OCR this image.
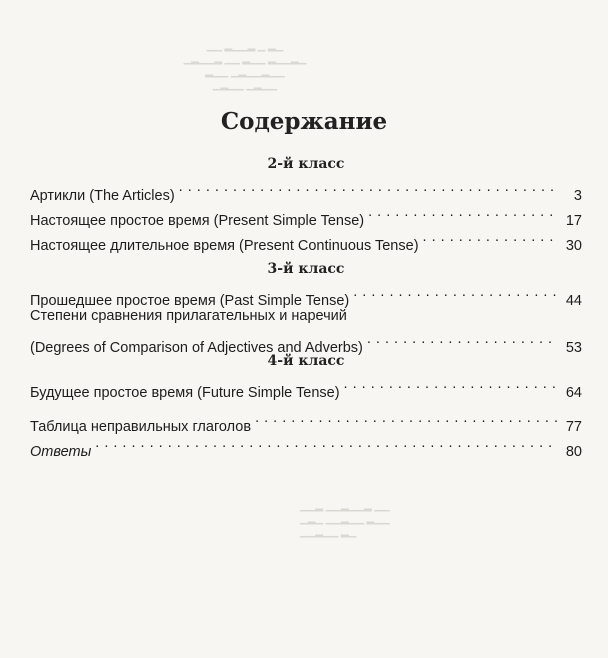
▁▁ ▂▁▁▂ ▁ ▂▁
▁▂▁▁▂ ▁▁ ▂▁▁ ▂▁▁▂▁
▂▁▁ ▁▂▁▁▂▁▁
▁▂▁▁ ▁▂▁▁
▁▁▂ ▁▁▂▁▁▂ ▁▁
▁▂▁ ▁▁▂▁▁ ▂▁▁
▁▁▂▁▁ ▂▁
Содержание
2-й класс
Артикли (The Articles) . . .	3
Настоящее простое время (Present Simple Tense) . . .	17
Настоящее длительное время (Present Continuous Tense) . . .	30
3-й класс
Прошедшее простое время (Past Simple Tense) . . .	44
Степени сравнения прилагательных и наречий
(Degrees of Comparison of Adjectives and Adverbs) . . .	53
4-й класс
Будущее простое время (Future Simple Tense) . . .	64
Таблица неправильных глаголов . . .	77
Ответы . . .	80
